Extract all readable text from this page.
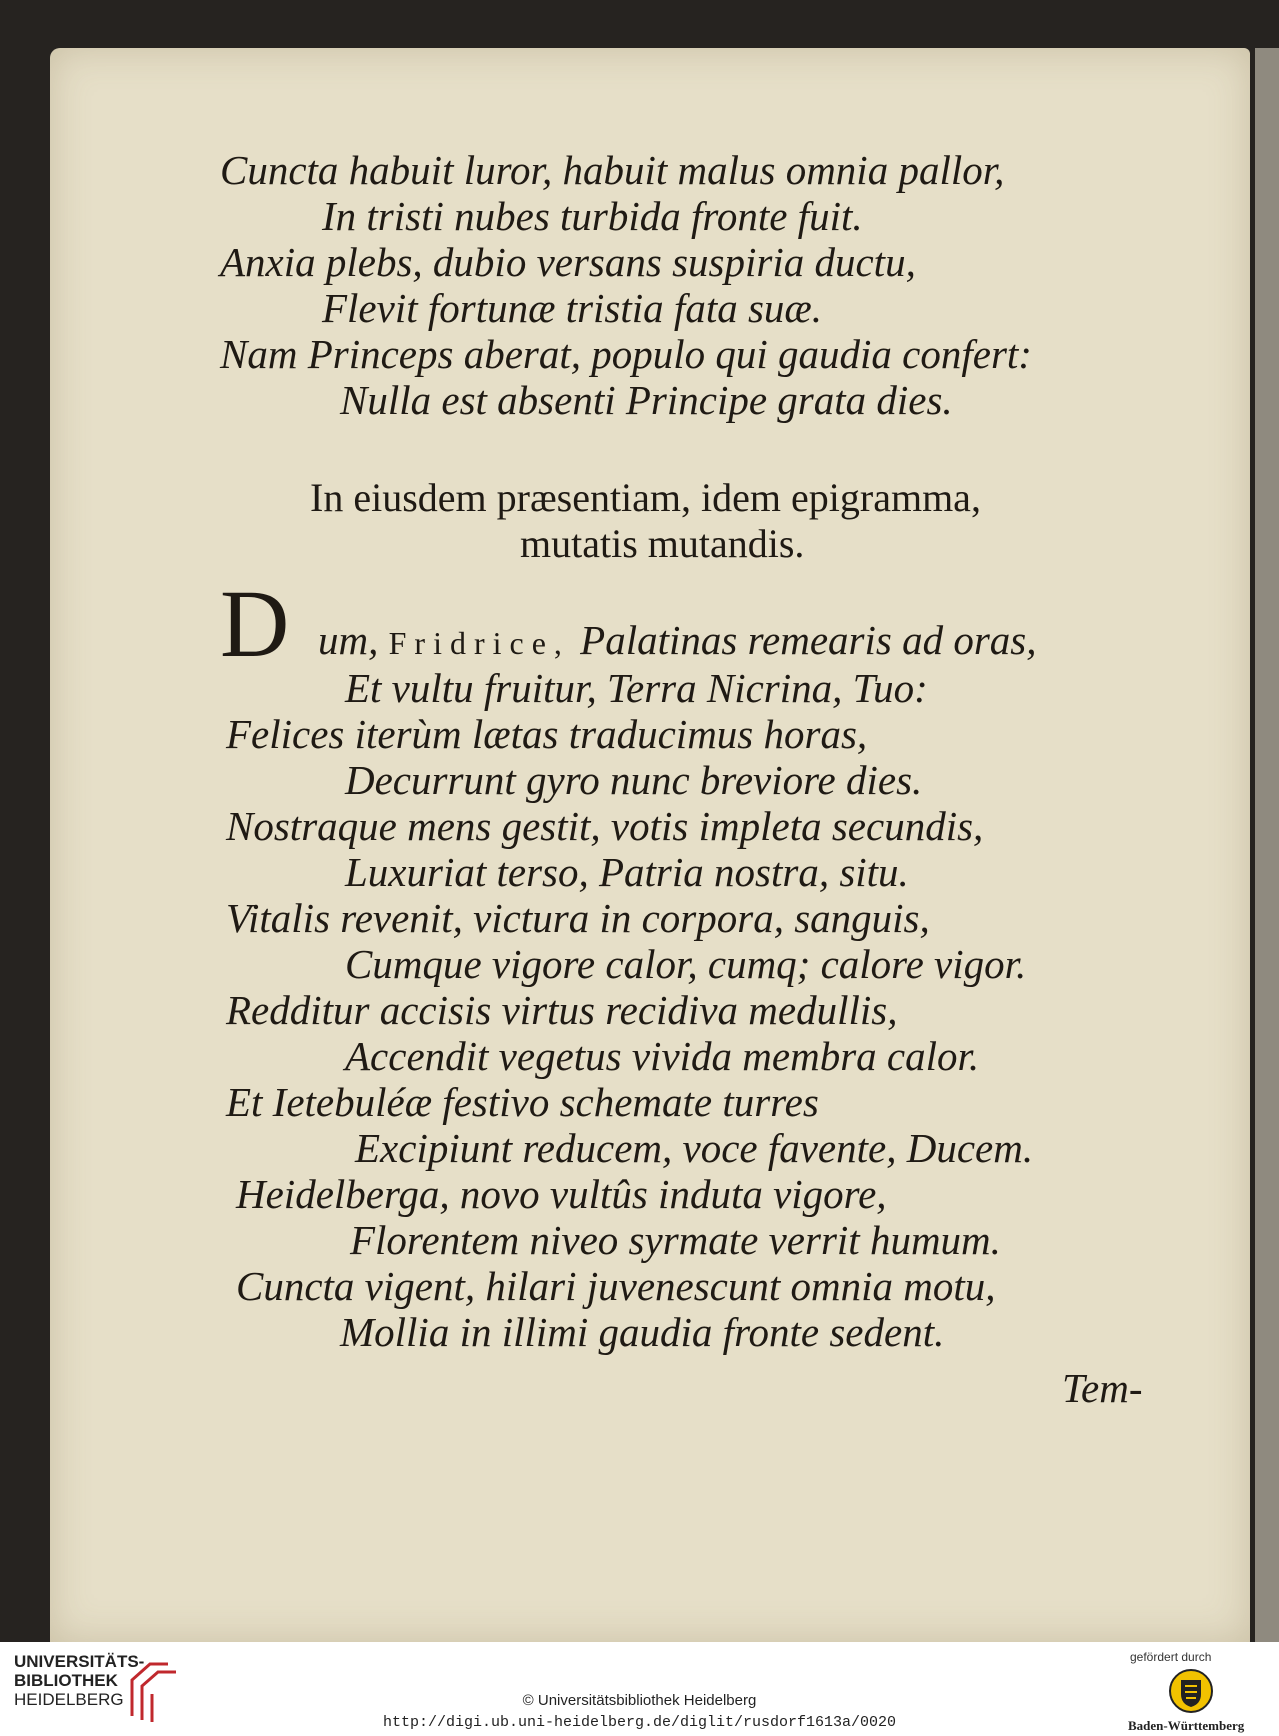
Cuncta habuit luror, habuit malus omnia pallor,

In tristi nubes turbida fronte fuit.

Anxia plebs, dubio versans suspiria ductu,

Flevit fortunæ tristia fata suæ.

Nam Princeps aberat, populo qui gaudia confert:

Nulla est absenti Principe grata dies.

In eiusdem præsentiam, idem epigramma,

mutatis mutandis.

D um, Fridrice, Palatinas remearis ad oras,

Et vultu fruitur, Terra Nicrina, Tuo:

Felices iterùm lætas traducimus horas,

Decurrunt gyro nunc breviore dies.

Nostraque mens gestit, votis impleta secundis,

Luxuriat terso, Patria nostra, situ.

Vitalis revenit, victura in corpora, sanguis,

Cumque vigore calor, cumq; calore vigor.

Redditur accisis virtus recidiva medullis,

Accendit vegetus vivida membra calor.

Et Ietebuléæ festivo schemate turres

Excipiunt reducem, voce favente, Ducem.

Heidelberga, novo vultûs induta vigore,

Florentem niveo syrmate verrit humum.

Cuncta vigent, hilari juvenescunt omnia motu,

Mollia in illimi gaudia fronte sedent.

Tem-

UNIVERSITÄTS-
BIBLIOTHEK
HEIDELBERG	© Universitätsbibliothek Heidelberg
http://digi.ub.uni-heidelberg.de/diglit/rusdorf1613a/0020
gefördert durch
Baden-Württemberg
